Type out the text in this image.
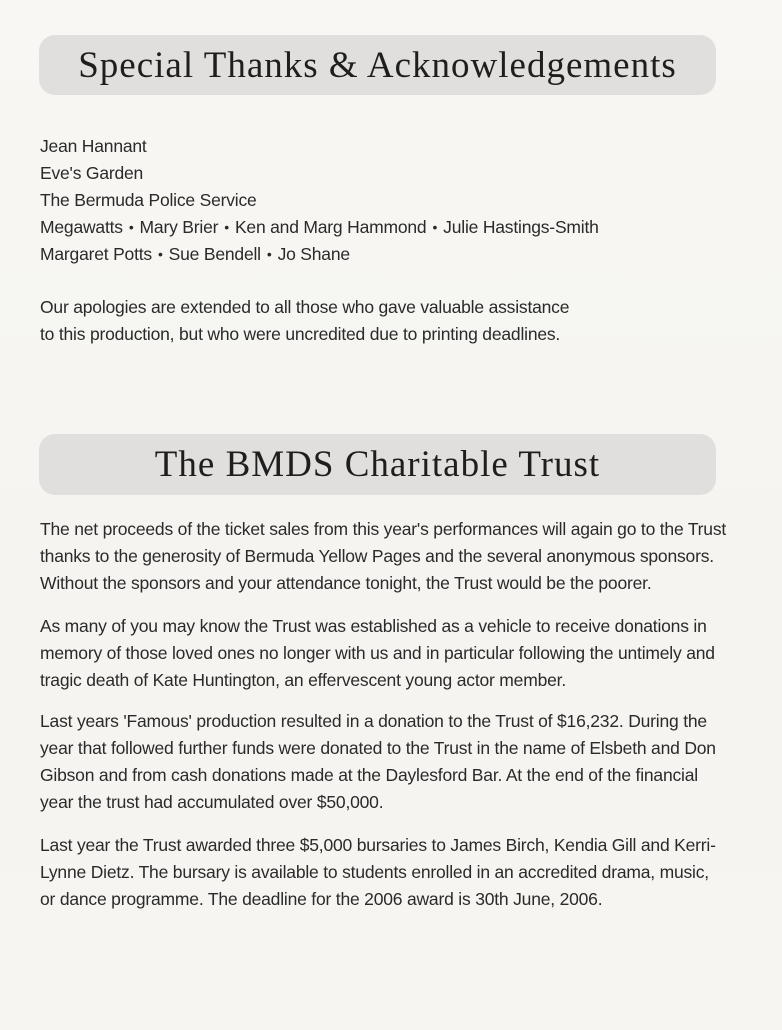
Special Thanks & Acknowledgements
Jean Hannant
Eve's Garden
The Bermuda Police Service
Megawatts • Mary Brier • Ken and Marg Hammond • Julie Hastings-Smith
Margaret Potts • Sue Bendell • Jo Shane
Our apologies are extended to all those who gave valuable assistance
to this production, but who were uncredited due to printing deadlines.
The BMDS Charitable Trust
The net proceeds of the ticket sales from this year's performances will again go to the Trust
thanks to the generosity of Bermuda Yellow Pages and the several anonymous sponsors.
Without the sponsors and your attendance tonight, the Trust would be the poorer.
As many of you may know the Trust was established as a vehicle to receive donations in
memory of those loved ones no longer with us and in particular following the untimely and
tragic death of Kate Huntington, an effervescent young actor member.
Last years 'Famous' production resulted in a donation to the Trust of $16,232. During the
year that followed further funds were donated to the Trust in the name of Elsbeth and Don
Gibson and from cash donations made at the Daylesford Bar. At the end of the financial
year the trust had accumulated over $50,000.
Last year the Trust awarded three $5,000 bursaries to James Birch, Kendia Gill and Kerri-
Lynne Dietz. The bursary is available to students enrolled in an accredited drama, music,
or dance programme. The deadline for the 2006 award is 30th June, 2006.
